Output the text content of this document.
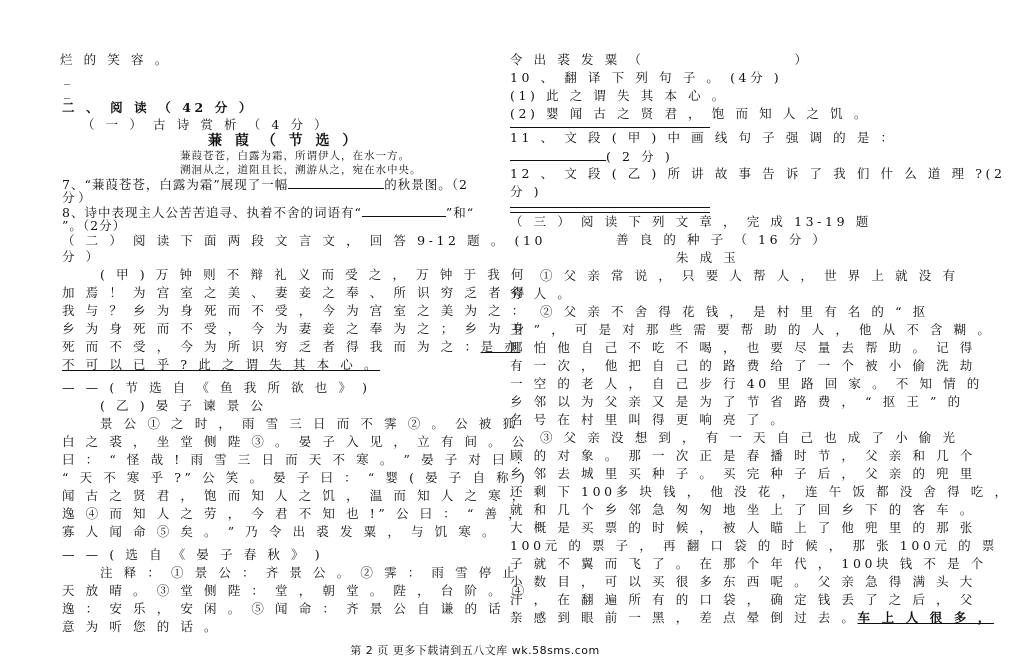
烂 的 笑 容 。
_
_
二 、 阅 读 （ 42 分 ）
（ 一 ） 古 诗 赏 析 （ 4 分 ）
蒹 葭 （ 节 选 ）
蒹葭苍苍，白露为霜，所谓伊人，在水一方。
溯洄从之，道阻且长，溯游从之，宛在水中央。
7、“蒹葭苍苍，白露为霜”展现了一幅	的秋景图。（2
分）
8、诗中表现主人公苦苦追寻、执着不舍的词语有“	”和“
”。（2分）
（ 二 ） 阅 读 下 面 两 段 文 言 文 ， 回 答 9-12 题 。 (10
分 ）
( 甲 ) 万 钟 则 不 辩 礼 义 而 受 之 ， 万 钟 于 我 何
加 焉 ！ 为 宫 室 之 美 、 妻 妾 之 奉 、 所 识 穷 乏 者 得
我 与 ？ 乡 为 身 死 而 不 受 ， 今 为 宫 室 之 美 为 之 ：
乡 为 身 死 而 不 受 ， 今 为 妻 妾 之 奉 为 之 ； 乡 为 身
死 而 不 受 ， 今 为 所 识 穷 乏 者 得 我 而 为 之 ：是 亦
不 可 以 已 乎 ? 此 之 谓 失 其 本 心 。
— — ( 节 选 自 《 鱼 我 所 欲 也 》 )
( 乙 ) 晏 子 谏 景 公
景 公 ① 之 时 ， 雨 雪 三 日 而 不 霁 ② 。 公 被 狐
白 之 裘 ， 坐 堂 侧 陛 ③ 。 晏 子 入 见 ， 立 有 间 。 公
曰 ： “ 怪 哉 ! 雨 雪 三 日 而 天 不 寒 。 ” 晏 子 对 曰 ：
“ 天 不 寒 乎 ?” 公 笑 。 晏 子 曰 ： “ 婴 ( 晏 子 自 称 )
闻 古 之 贤 君 ， 饱 而 知 人 之 饥 ， 温 而 知 人 之 寒 ，
逸 ④ 而 知 人 之 劳 ， 今 君 不 知 也 !” 公 曰 ： “ 善 ，
寡 人 闻 命 ⑤ 矣 。 ” 乃 令 出 裘 发 粟 ， 与 饥 寒 。
— — ( 选 自 《 晏 子 春 秋 》 )
注 释 ： ① 景 公 ： 齐 景 公 。 ② 霁 ： 雨 雪 停 止
天 放 晴 。 ③ 堂 侧 陛 ： 堂 ， 朝 堂 。 陛 ， 台 阶 。 ④
逸 ： 安 乐 ， 安 闲 。 ⑤ 闻 命 ： 齐 景 公 自 谦 的 话 ，
意 为 听 您 的 话 。
令 出 裘 发 粟 （	）
10 、 翻 译 下 列 句 子 。 (4分 )
(1) 此 之 谓 失 其 本 心 。
(2) 婴 闻 古 之 贤 君 ， 饱 而 知 人 之 饥 。
11 、 文 段 ( 甲 ) 中 画 线 句 子 强 调 的 是 ：
( 2 分 )
12 、 文 段 ( 乙 ) 所 讲 故 事 告 诉 了 我 们 什 么 道 理 ?(2
分 )
（ 三 ） 阅 读 下 列 文 章 ， 完 成 13-19 题
善 良 的 种 子 （ 16 分 ）
朱 成 玉
① 父 亲 常 说 ， 只 要 人 帮 人 ， 世 界 上 就 没 有
穷 人 。
② 父 亲 不 舍 得 花 钱 ， 是 村 里 有 名 的 “ 抠
王 ” ， 可 是 对 那 些 需 要 帮 助 的 人 ， 他 从 不 含 糊 。
哪 怕 他 自 己 不 吃 不 喝 ， 也 要 尽 量 去 帮 助 。 记 得
有 一 次 ， 他 把 自 己 的 路 费 给 了 一 个 被 小 偷 洗 劫
一 空 的 老 人 ， 自 己 步 行 40 里 路 回 家 。 不 知 情 的
乡 邻 以 为 父 亲 又 是 为 了 节 省 路 费 ， “ 抠 王 ” 的
名 号 在 村 里 叫 得 更 响 亮 了 。
③ 父 亲 没 想 到 ， 有 一 天 自 己 也 成 了 小 偷 光
顾 的 对 象 。 那 一 次 正 是 春 播 时 节 ， 父 亲 和 几 个
乡 邻 去 城 里 买 种 子 。 买 完 种 子 后 ， 父 亲 的 兜 里
还 剩 下 100多 块 钱 ， 他 没 花 ， 连 午 饭 都 没 舍 得 吃 ，
就 和 几 个 乡 邻 急 匆 匆 地 坐 上 了 回 乡 下 的 客 车 。
大 概 是 买 票 的 时 候 ， 被 人 瞄 上 了 他 兜 里 的 那 张
100元 的 票 子 ， 再 翻 口 袋 的 时 候 ， 那 张 100元 的 票
子 就 不 翼 而 飞 了 。 在 那 个 年 代 ， 100块 钱 不 是 个
小 数 目 ， 可 以 买 很 多 东 西 呢 。 父 亲 急 得 满 头 大
汗 ， 在 翻 遍 所 有 的 口 袋 ， 确 定 钱 丢 了 之 后 ， 父
亲 感 到 眼 前 一 黑 ， 差 点 晕 倒 过 去 。车 上 人 很 多 ，
第 2 页 更多下载请到五八文库 wk.58sms.com
